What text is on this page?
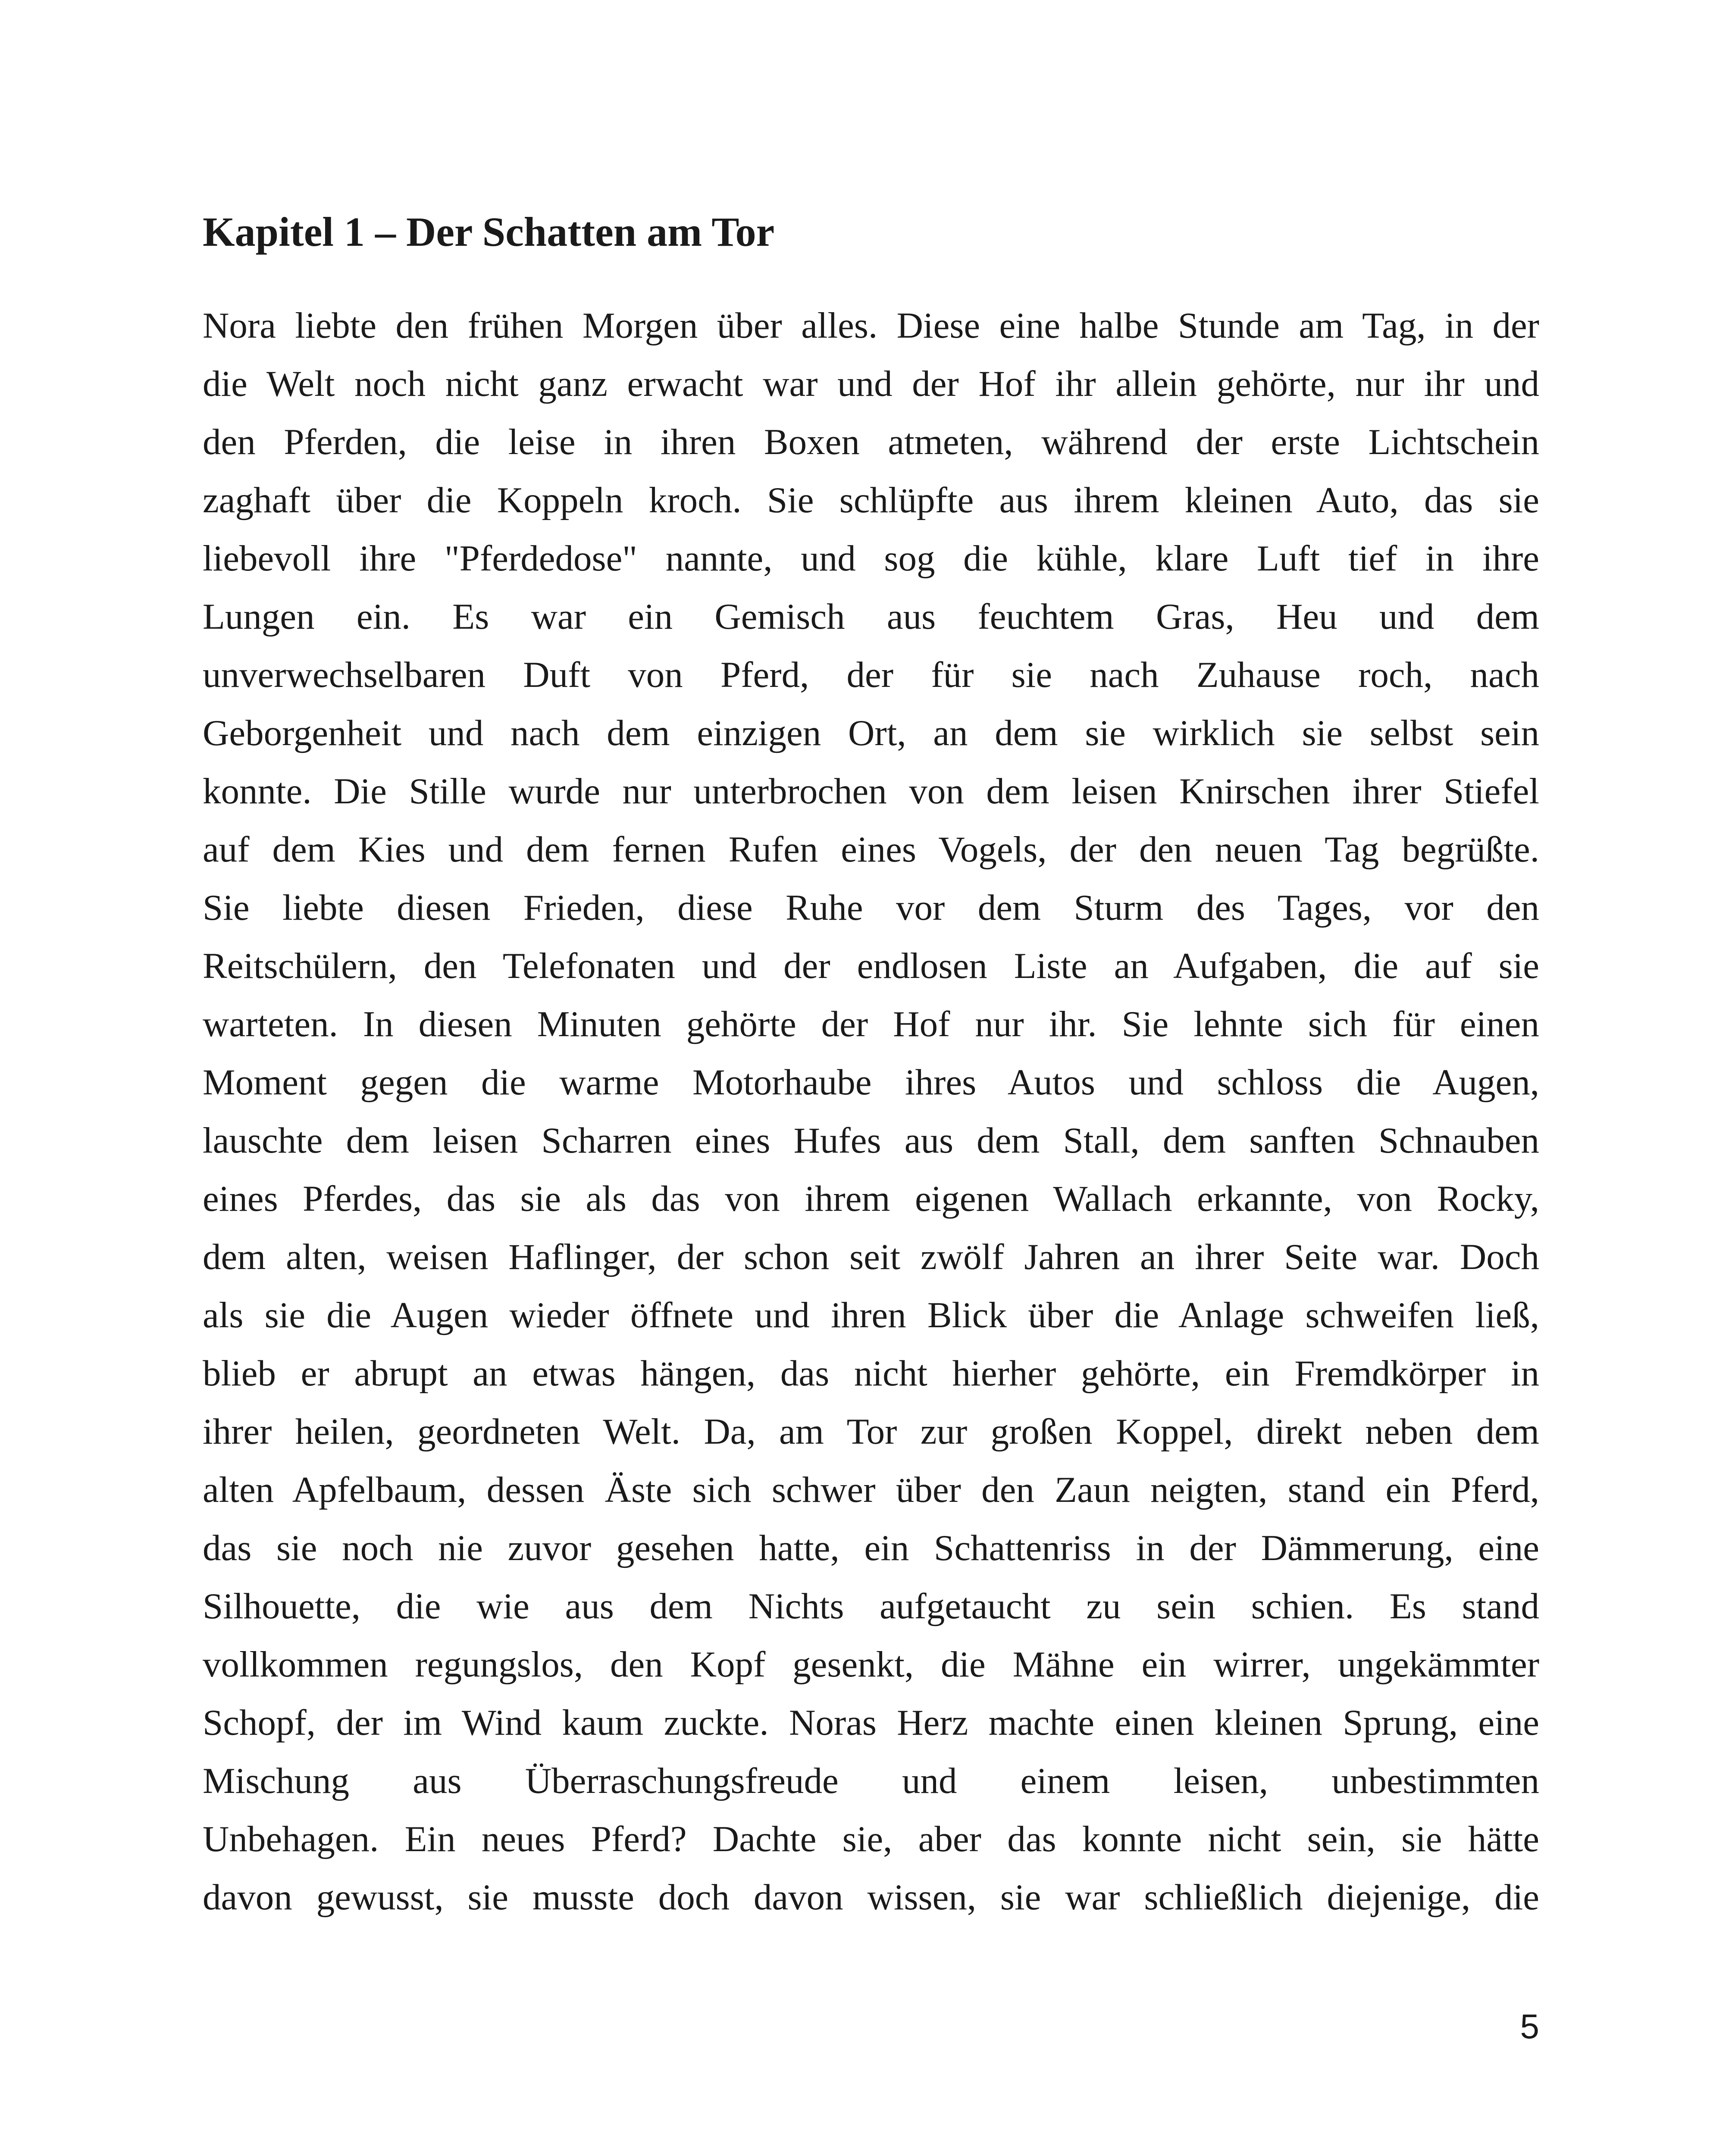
Kapitel 1 – Der Schatten am Tor
Nora liebte den frühen Morgen über alles. Diese eine halbe Stunde am Tag, in der
die Welt noch nicht ganz erwacht war und der Hof ihr allein gehörte, nur ihr und
den Pferden, die leise in ihren Boxen atmeten, während der erste Lichtschein
zaghaft über die Koppeln kroch. Sie schlüpfte aus ihrem kleinen Auto, das sie
liebevoll ihre "Pferdedose" nannte, und sog die kühle, klare Luft tief in ihre
Lungen ein. Es war ein Gemisch aus feuchtem Gras, Heu und dem
unverwechselbaren Duft von Pferd, der für sie nach Zuhause roch, nach
Geborgenheit und nach dem einzigen Ort, an dem sie wirklich sie selbst sein
konnte. Die Stille wurde nur unterbrochen von dem leisen Knirschen ihrer Stiefel
auf dem Kies und dem fernen Rufen eines Vogels, der den neuen Tag begrüßte.
Sie liebte diesen Frieden, diese Ruhe vor dem Sturm des Tages, vor den
Reitschülern, den Telefonaten und der endlosen Liste an Aufgaben, die auf sie
warteten. In diesen Minuten gehörte der Hof nur ihr. Sie lehnte sich für einen
Moment gegen die warme Motorhaube ihres Autos und schloss die Augen,
lauschte dem leisen Scharren eines Hufes aus dem Stall, dem sanften Schnauben
eines Pferdes, das sie als das von ihrem eigenen Wallach erkannte, von Rocky,
dem alten, weisen Haflinger, der schon seit zwölf Jahren an ihrer Seite war. Doch
als sie die Augen wieder öffnete und ihren Blick über die Anlage schweifen ließ,
blieb er abrupt an etwas hängen, das nicht hierher gehörte, ein Fremdkörper in
ihrer heilen, geordneten Welt. Da, am Tor zur großen Koppel, direkt neben dem
alten Apfelbaum, dessen Äste sich schwer über den Zaun neigten, stand ein Pferd,
das sie noch nie zuvor gesehen hatte, ein Schattenriss in der Dämmerung, eine
Silhouette, die wie aus dem Nichts aufgetaucht zu sein schien. Es stand
vollkommen regungslos, den Kopf gesenkt, die Mähne ein wirrer, ungekämmter
Schopf, der im Wind kaum zuckte. Noras Herz machte einen kleinen Sprung, eine
Mischung aus Überraschungsfreude und einem leisen, unbestimmten
Unbehagen. Ein neues Pferd? Dachte sie, aber das konnte nicht sein, sie hätte
davon gewusst, sie musste doch davon wissen, sie war schließlich diejenige, die
5
